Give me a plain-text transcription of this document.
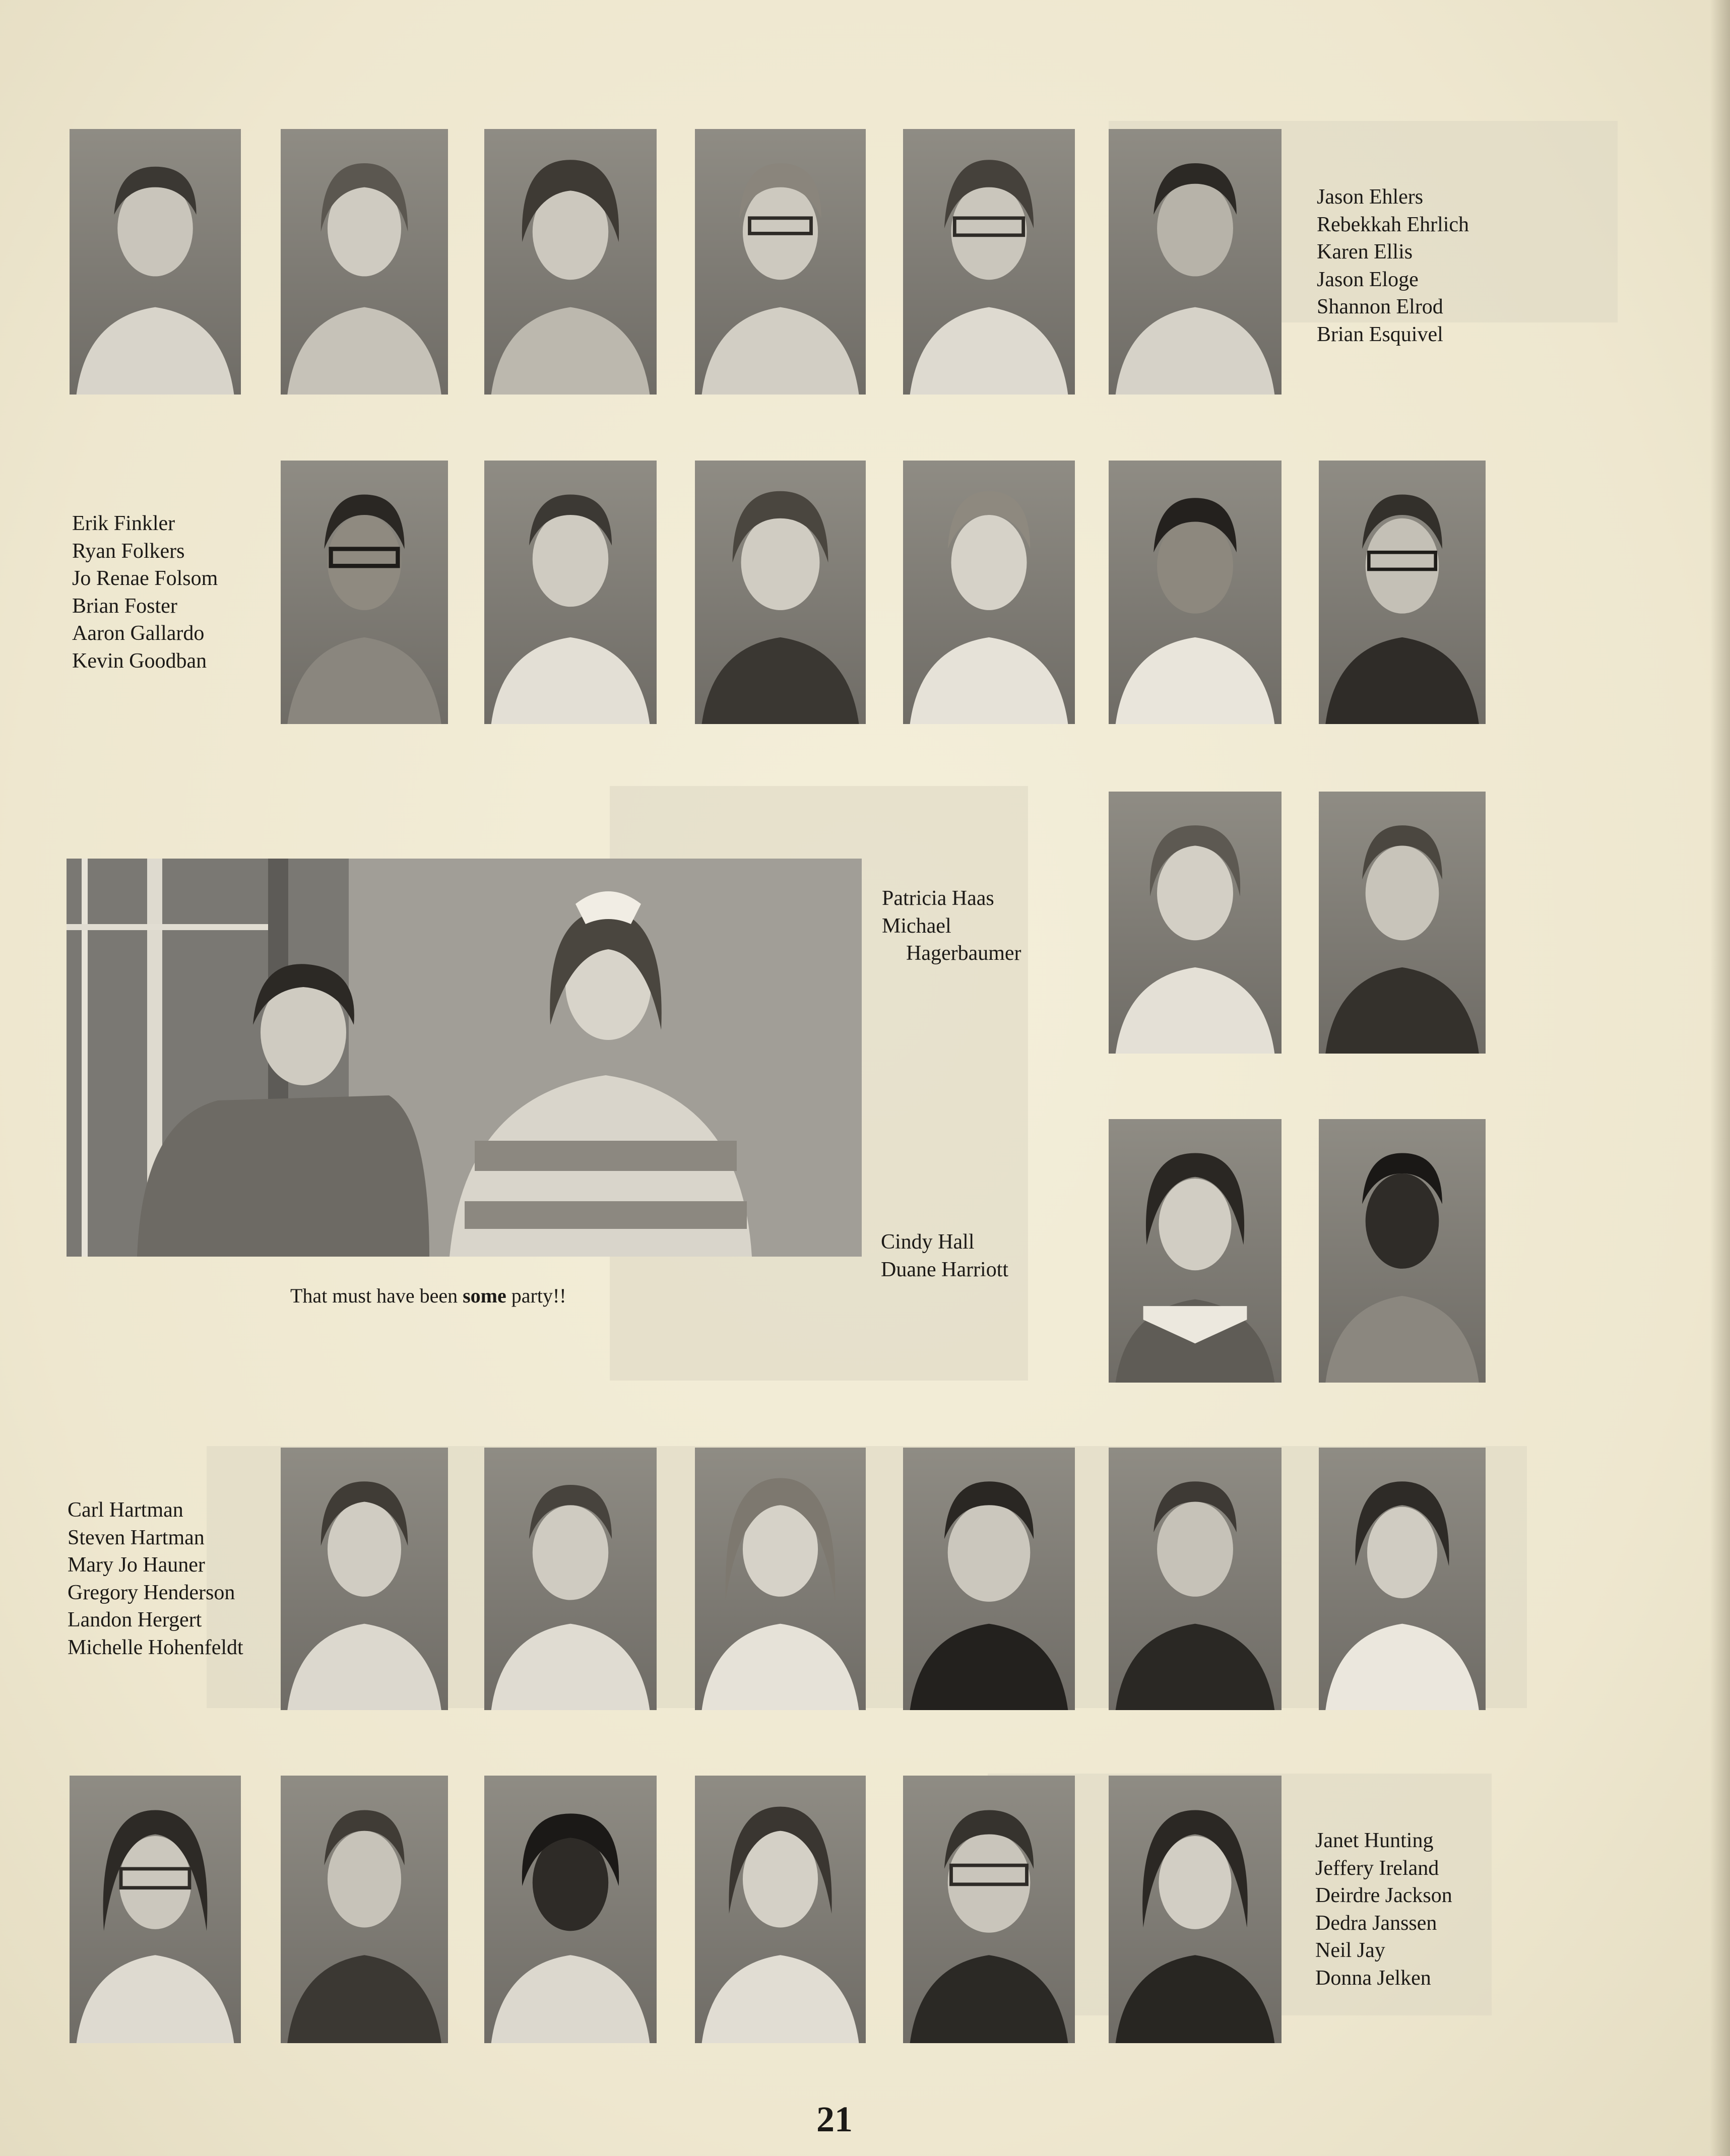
Jason Ehlers
Rebekkah Ehrlich
Karen Ellis
Jason Eloge
Shannon Elrod
Brian Esquivel
Erik Finkler
Ryan Folkers
Jo Renae Folsom
Brian Foster
Aaron Gallardo
Kevin Goodban
That must have been some party!!
Patricia Haas
Michael
Hagerbaumer
Cindy Hall
Duane Harriott
Carl Hartman
Steven Hartman
Mary Jo Hauner
Gregory Henderson
Landon Hergert
Michelle Hohenfeldt
Janet Hunting
Jeffery Ireland
Deirdre Jackson
Dedra Janssen
Neil Jay
Donna Jelken
21
